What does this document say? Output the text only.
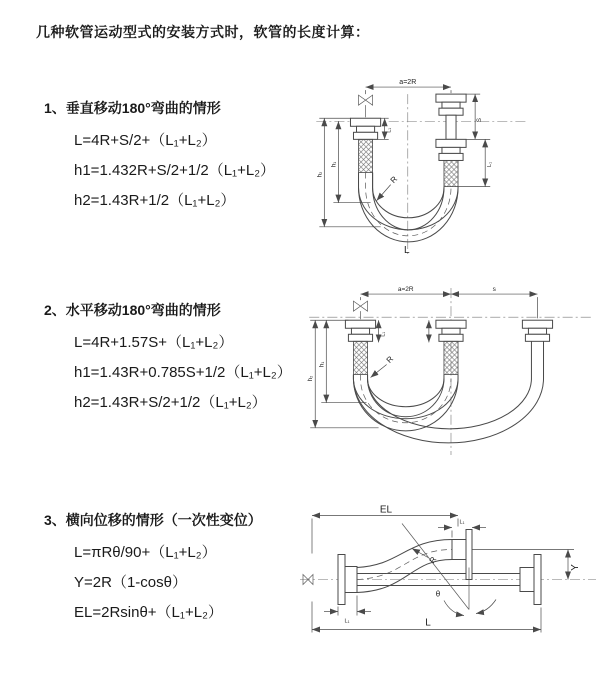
几种软管运动型式的安装方式时，软管的长度计算：
1、垂直移动180°弯曲的情形
L=4R+S/2+（L₁+L₂）
h1=1.432R+S/2+1/2（L₁+L₂）
h2=1.43R+1/2（L₁+L₂）
2、水平移动180°弯曲的情形
L=4R+1.57S+（L₁+L₂）
h1=1.43R+0.785S+1/2（L₁+L₂）
h2=1.43R+S/2+1/2（L₁+L₂）
3、横向位移的情形（一次性变位）
L=πRθ/90+（L₁+L₂）
Y=2R（1-cosθ）
EL=2Rsinθ+（L₁+L₂）
a=2R
S
L₁
L₁
h₁
h₂
R
L
a=2R	s
L₁
h₁
h₂
R
EL
L₁
Y
L
L₁
R
θ
